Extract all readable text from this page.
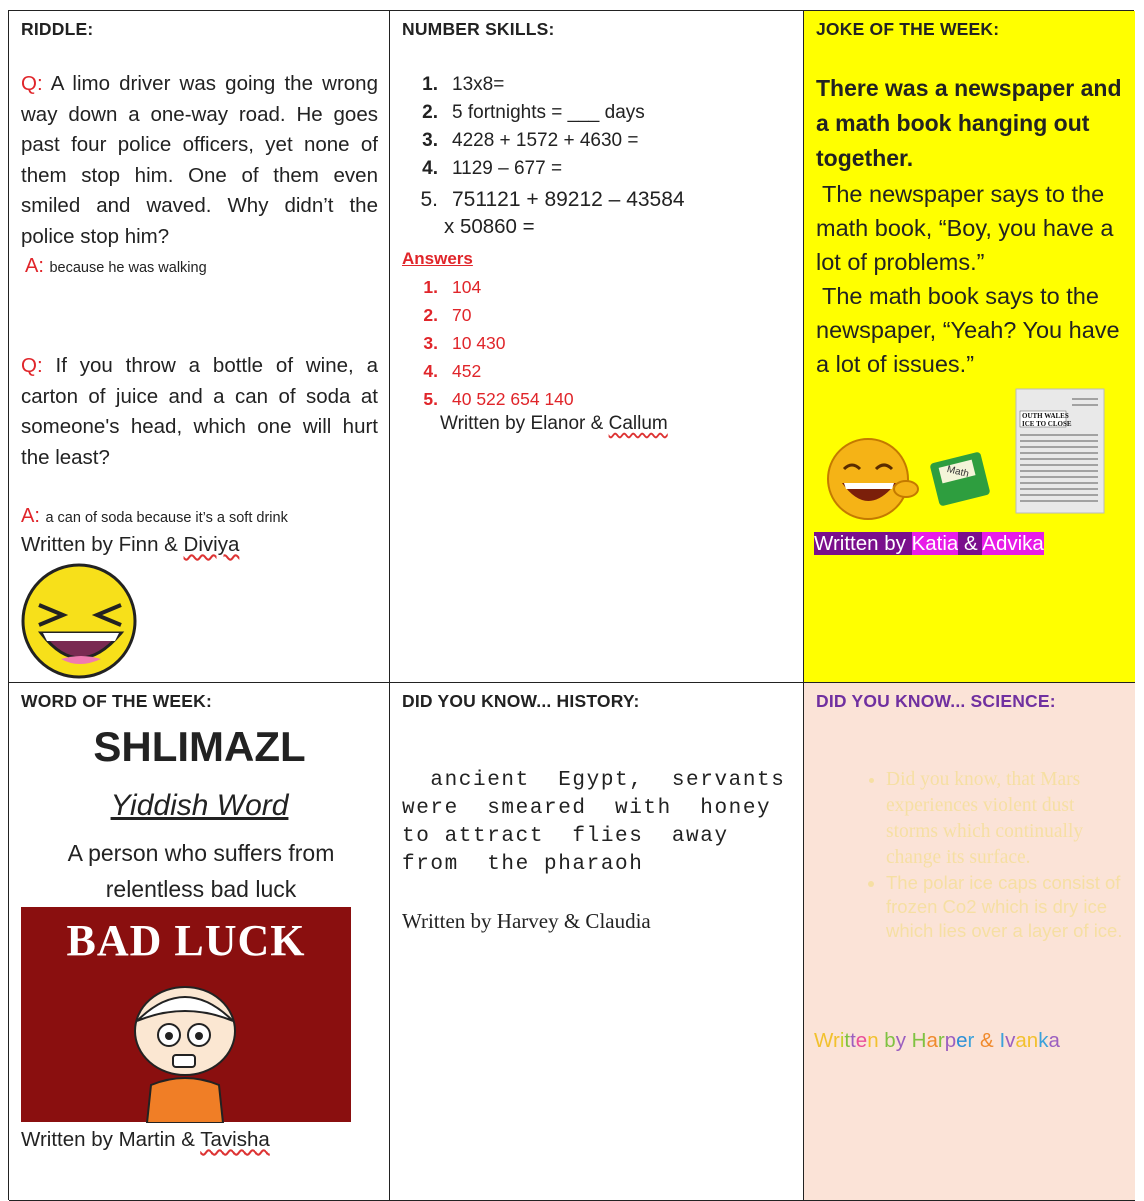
RIDDLE:
Q: A limo driver was going the wrong way down a one-way road. He goes past four police officers, yet none of them stop him. One of them even smiled and waved. Why didn’t the police stop him?
A: because he was walking
Q: If you throw a bottle of wine, a carton of juice and a can of soda at someone's head, which one will hurt the least?
A: a can of soda because it’s a soft drink
Written by Finn & Diviya
NUMBER SKILLS:
1. 13x8=
2. 5 fortnights = ___ days
3. 4228 + 1572 + 4630 =
4. 1129 – 677 =
5. 751121 + 89212 – 43584
x 50860 =
Answers
1. 104
2. 70
3. 10 430
4. 452
5. 40 522 654 140
Written by Elanor & Callum
JOKE OF THE WEEK:
There was a newspaper and a math book hanging out together.
The newspaper says to the math book, “Boy, you have a lot of problems.”
The math book says to the newspaper, “Yeah? You have a lot of issues.”
Math
OUTH WALES
ICE TO CLOSE
Written by Katia & Advika
WORD OF THE WEEK:
SHLIMAZL
Yiddish Word
A person who suffers from relentless bad luck
BAD LUCK
Written by Martin & Tavisha
DID YOU KNOW... HISTORY:
ancient  Egypt,  servants were  smeared  with  honey  to attract  flies  away  from  the pharaoh
Written by Harvey & Claudia
DID YOU KNOW... SCIENCE:
• Did you know, that Mars experiences violent dust storms which continually change its surface.
• The polar ice caps consist of frozen Co2 which is dry ice which lies over a layer of ice.
Written by Harper & Ivanka
